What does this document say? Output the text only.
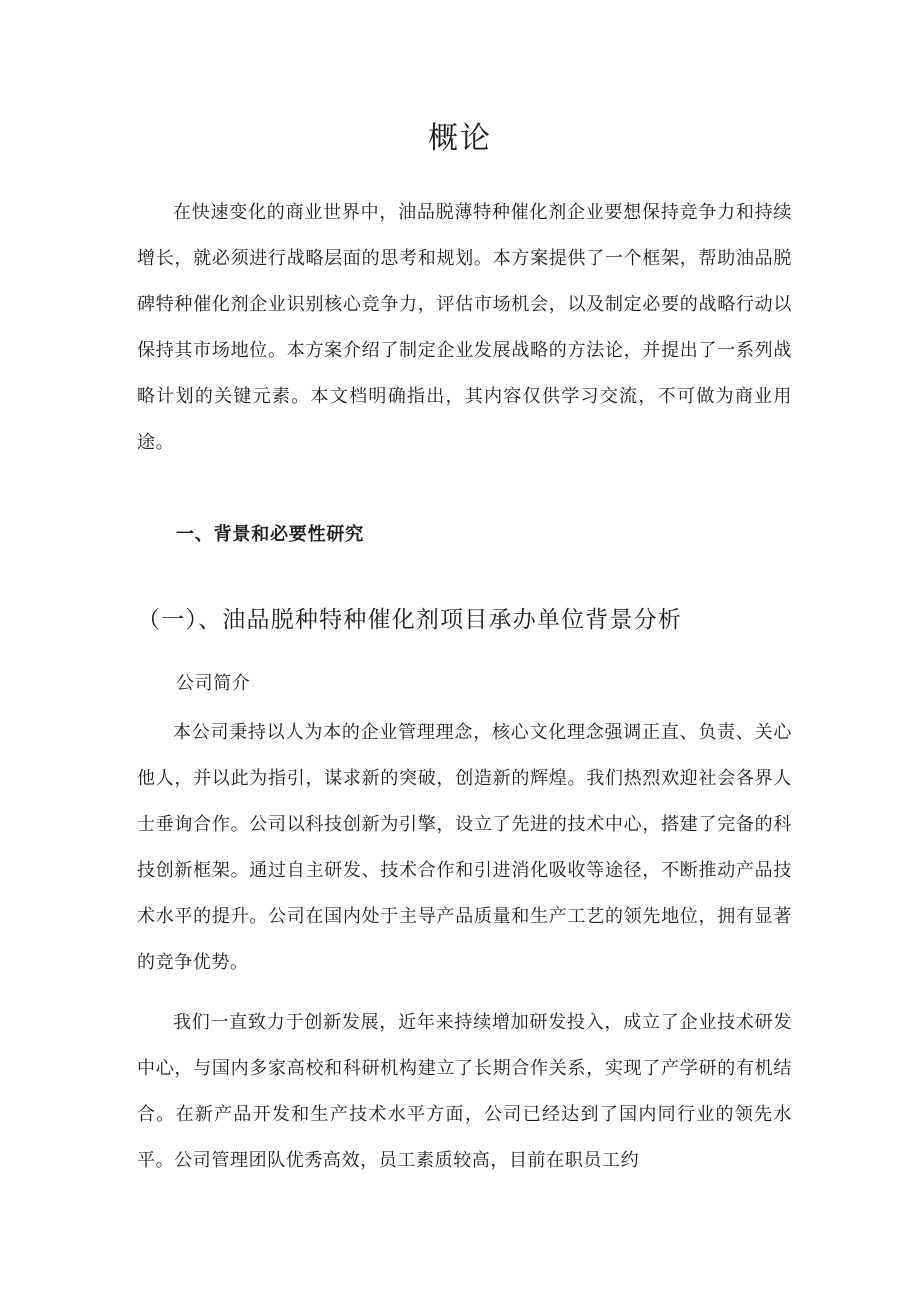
概论

在快速变化的商业世界中，油品脱薄特种催化剂企业要想保持竞争力和持续增长，就必须进行战略层面的思考和规划。本方案提供了一个框架，帮助油品脱碑特种催化剂企业识别核心竞争力，评估市场机会，以及制定必要的战略行动以保持其市场地位。本方案介绍了制定企业发展战略的方法论，并提出了一系列战略计划的关键元素。本文档明确指出，其内容仅供学习交流，不可做为商业用途。

一、背景和必要性研究
（一）、油品脱种特种催化剂项目承办单位背景分析
公司简介

本公司秉持以人为本的企业管理理念，核心文化理念强调正直、负责、关心他人，并以此为指引，谋求新的突破，创造新的辉煌。我们热烈欢迎社会各界人士垂询合作。公司以科技创新为引擎，设立了先进的技术中心，搭建了完备的科技创新框架。通过自主研发、技术合作和引进消化吸收等途径，不断推动产品技术水平的提升。公司在国内处于主导产品质量和生产工艺的领先地位，拥有显著的竞争优势。

我们一直致力于创新发展，近年来持续增加研发投入，成立了企业技术研发中心，与国内多家高校和科研机构建立了长期合作关系，实现了产学研的有机结合。在新产品开发和生产技术水平方面，公司已经达到了国内同行业的领先水平。公司管理团队优秀高效，员工素质较高，目前在职员工约
